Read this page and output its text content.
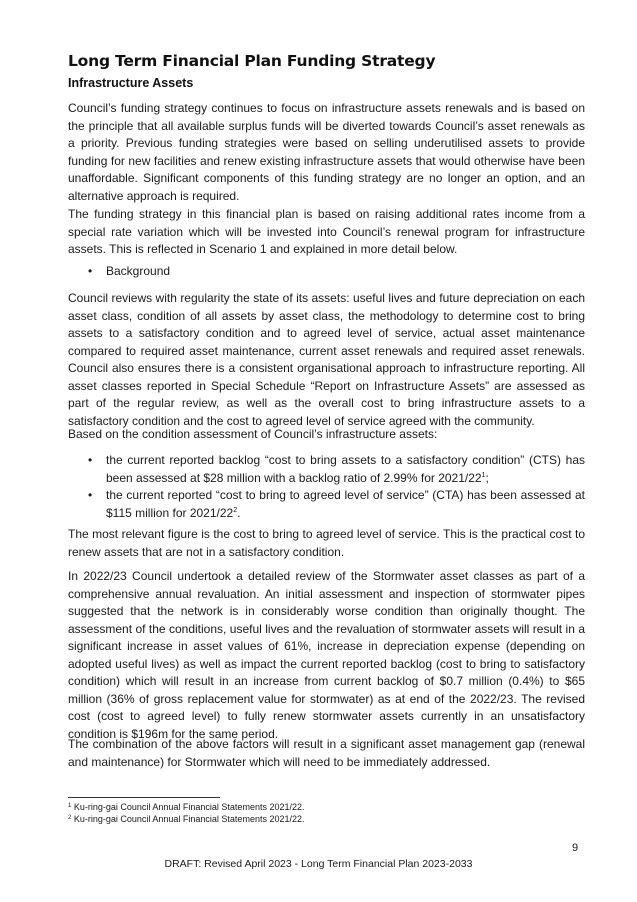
Long Term Financial Plan Funding Strategy
Infrastructure Assets

Council’s funding strategy continues to focus on infrastructure assets renewals and is based on the principle that all available surplus funds will be diverted towards Council’s asset renewals as a priority. Previous funding strategies were based on selling underutilised assets to provide funding for new facilities and renew existing infrastructure assets that would otherwise have been unaffordable. Significant components of this funding strategy are no longer an option, and an alternative approach is required.

The funding strategy in this financial plan is based on raising additional rates income from a special rate variation which will be invested into Council’s renewal program for infrastructure assets. This is reflected in Scenario 1 and explained in more detail below.

• Background

Council reviews with regularity the state of its assets: useful lives and future depreciation on each asset class, condition of all assets by asset class, the methodology to determine cost to bring assets to a satisfactory condition and to agreed level of service, actual asset maintenance compared to required asset maintenance, current asset renewals and required asset renewals. Council also ensures there is a consistent organisational approach to infrastructure reporting. All asset classes reported in Special Schedule “Report on Infrastructure Assets” are assessed as part of the regular review, as well as the overall cost to bring infrastructure assets to a satisfactory condition and the cost to agreed level of service agreed with the community.

Based on the condition assessment of Council’s infrastructure assets:

• the current reported backlog “cost to bring assets to a satisfactory condition” (CTS) has been assessed at $28 million with a backlog ratio of 2.99% for $2021/22^1$;
• the current reported “cost to bring to agreed level of service” (CTA) has been assessed at $115 million for $2021/22^2$.

The most relevant figure is the cost to bring to agreed level of service. This is the practical cost to renew assets that are not in a satisfactory condition.

In 2022/23 Council undertook a detailed review of the Stormwater asset classes as part of a comprehensive annual revaluation. An initial assessment and inspection of stormwater pipes suggested that the network is in considerably worse condition than originally thought. The assessment of the conditions, useful lives and the revaluation of stormwater assets will result in a significant increase in asset values of 61%, increase in depreciation expense (depending on adopted useful lives) as well as impact the current reported backlog (cost to bring to satisfactory condition) which will result in an increase from current backlog of $0.7 million (0.4%) to $65 million (36% of gross replacement value for stormwater) as at end of the 2022/23. The revised cost (cost to agreed level) to fully renew stormwater assets currently in an unsatisfactory condition is $196m for the same period.

The combination of the above factors will result in a significant asset management gap (renewal and maintenance) for Stormwater which will need to be immediately addressed.

$^1$ Ku-ring-gai Council Annual Financial Statements 2021/22.
$^2$ Ku-ring-gai Council Annual Financial Statements 2021/22.
9
DRAFT: Revised April 2023 - Long Term Financial Plan 2023-2033
